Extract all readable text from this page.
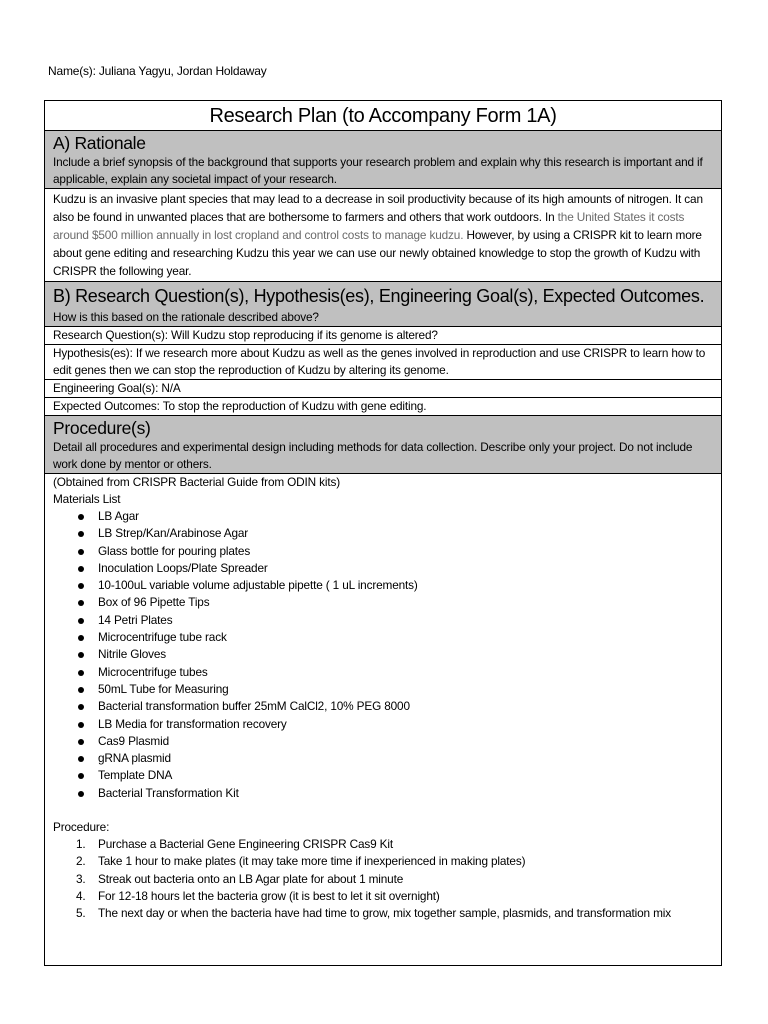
Name(s): Juliana Yagyu, Jordan Holdaway
Research Plan (to Accompany Form 1A)
A) Rationale
Include a brief synopsis of the background that supports your research problem and explain why this research is important and if applicable, explain any societal impact of your research.
Kudzu is an invasive plant species that may lead to a decrease in soil productivity because of its high amounts of nitrogen. It can also be found in unwanted places that are bothersome to farmers and others that work outdoors. In the United States it costs around $500 million annually in lost cropland and control costs to manage kudzu. However, by using a CRISPR kit to learn more about gene editing and researching Kudzu this year we can use our newly obtained knowledge to stop the growth of Kudzu with CRISPR the following year.
B) Research Question(s), Hypothesis(es), Engineering Goal(s), Expected Outcomes.
How is this based on the rationale described above?
Research Question(s): Will Kudzu stop reproducing if its genome is altered?
Hypothesis(es): If we research more about Kudzu as well as the genes involved in reproduction and use CRISPR to learn how to edit genes then we can stop the reproduction of Kudzu by altering its genome.
Engineering Goal(s): N/A
Expected Outcomes: To stop the reproduction of Kudzu with gene editing.
Procedure(s)
Detail all procedures and experimental design including methods for data collection. Describe only your project. Do not include work done by mentor or others.
(Obtained from CRISPR Bacterial Guide from ODIN kits)
Materials List
LB Agar
LB Strep/Kan/Arabinose Agar
Glass bottle for pouring plates
Inoculation Loops/Plate Spreader
10-100uL variable volume adjustable pipette ( 1 uL increments)
Box of 96 Pipette Tips
14 Petri Plates
Microcentrifuge tube rack
Nitrile Gloves
Microcentrifuge tubes
50mL Tube for Measuring
Bacterial transformation buffer 25mM CalCl2, 10% PEG 8000
LB Media for transformation recovery
Cas9 Plasmid
gRNA plasmid
Template DNA
Bacterial Transformation Kit
Procedure:
1. Purchase a Bacterial Gene Engineering CRISPR Cas9 Kit
2. Take 1 hour to make plates (it may take more time if inexperienced in making plates)
3. Streak out bacteria onto an LB Agar plate for about 1 minute
4. For 12-18 hours let the bacteria grow (it is best to let it sit overnight)
5. The next day or when the bacteria have had time to grow, mix together sample, plasmids, and transformation mix
